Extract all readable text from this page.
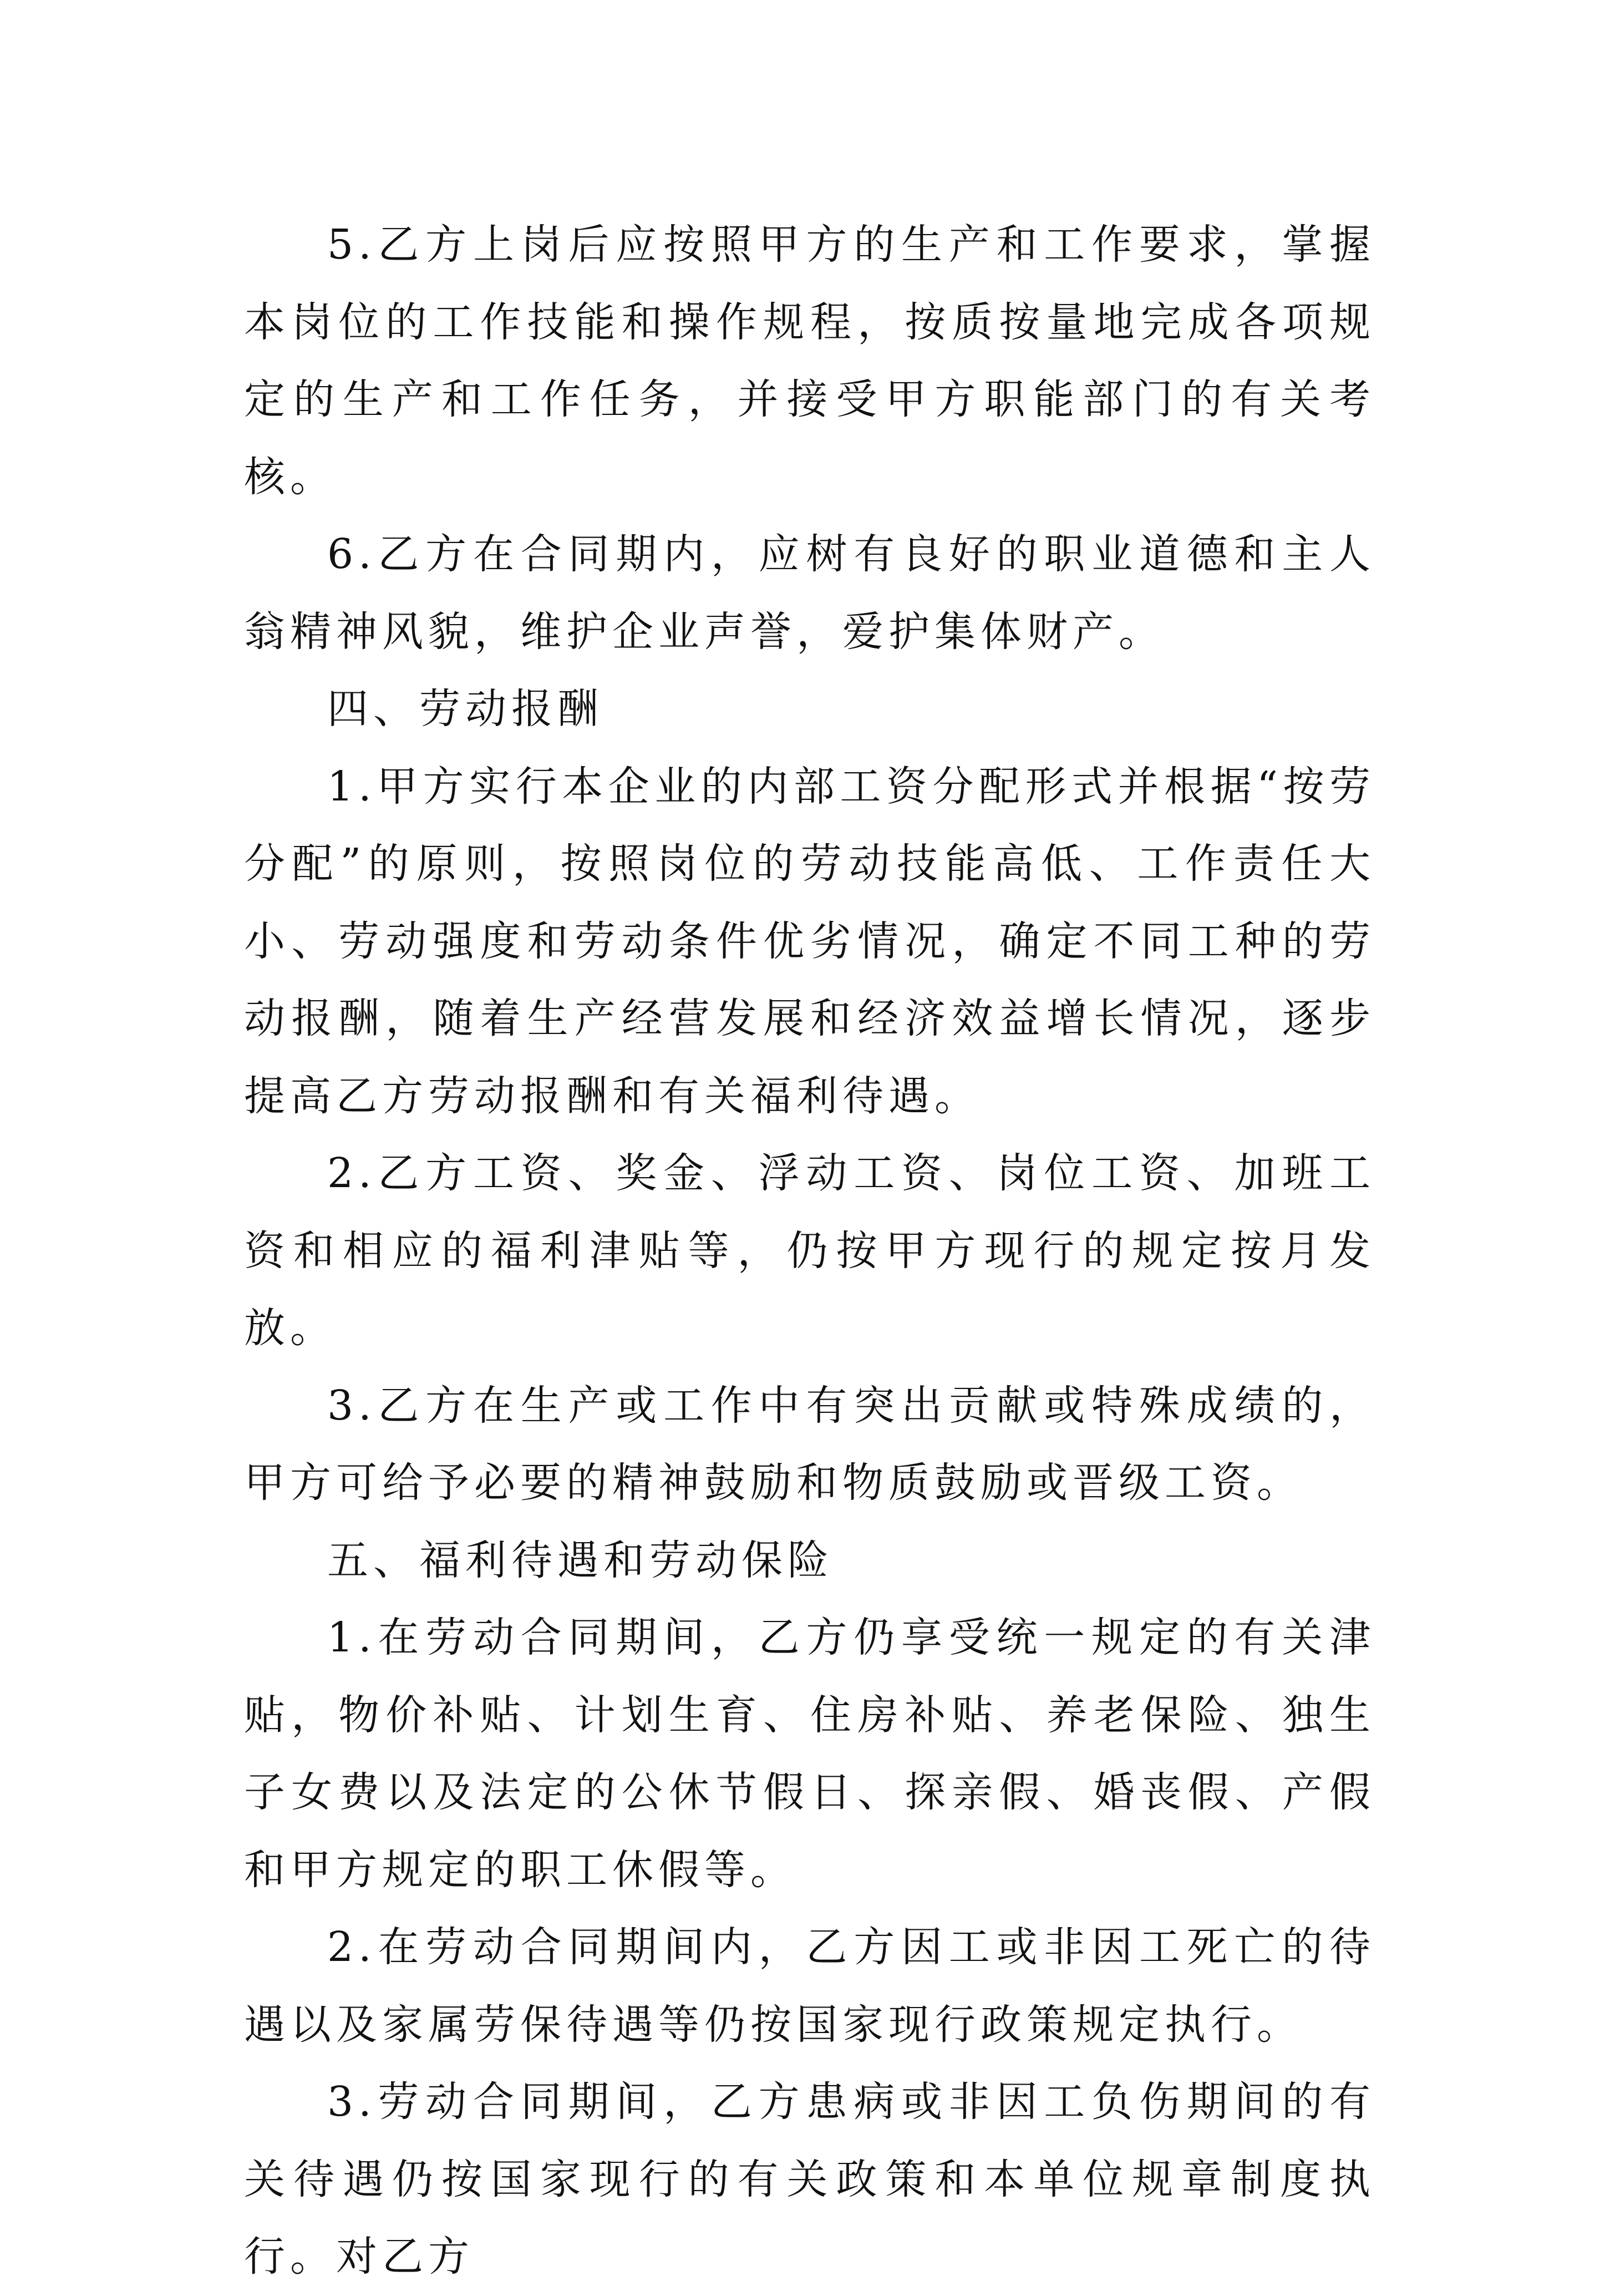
5.乙方上岗后应按照甲方的生产和工作要求，掌握本岗位的工作技能和操作规程，按质按量地完成各项规定的生产和工作任务，并接受甲方职能部门的有关考核。

6.乙方在合同期内，应树有良好的职业道德和主人翁精神风貌，维护企业声誉，爱护集体财产。

四、劳动报酬

1.甲方实行本企业的内部工资分配形式并根据“按劳分配”的原则，按照岗位的劳动技能高低、工作责任大小、劳动强度和劳动条件优劣情况，确定不同工种的劳动报酬，随着生产经营发展和经济效益增长情况，逐步提高乙方劳动报酬和有关福利待遇。

2.乙方工资、奖金、浮动工资、岗位工资、加班工资和相应的福利津贴等，仍按甲方现行的规定按月发放。

3.乙方在生产或工作中有突出贡献或特殊成绩的，甲方可给予必要的精神鼓励和物质鼓励或晋级工资。

五、福利待遇和劳动保险

1.在劳动合同期间，乙方仍享受统一规定的有关津贴，物价补贴、计划生育、住房补贴、养老保险、独生子女费以及法定的公休节假日、探亲假、婚丧假、产假和甲方规定的职工休假等。

2.在劳动合同期间内，乙方因工或非因工死亡的待遇以及家属劳保待遇等仍按国家现行政策规定执行。

3.劳动合同期间，乙方患病或非因工负伤期间的有关待遇仍按国家现行的有关政策和本单位规章制度执行。对乙方
